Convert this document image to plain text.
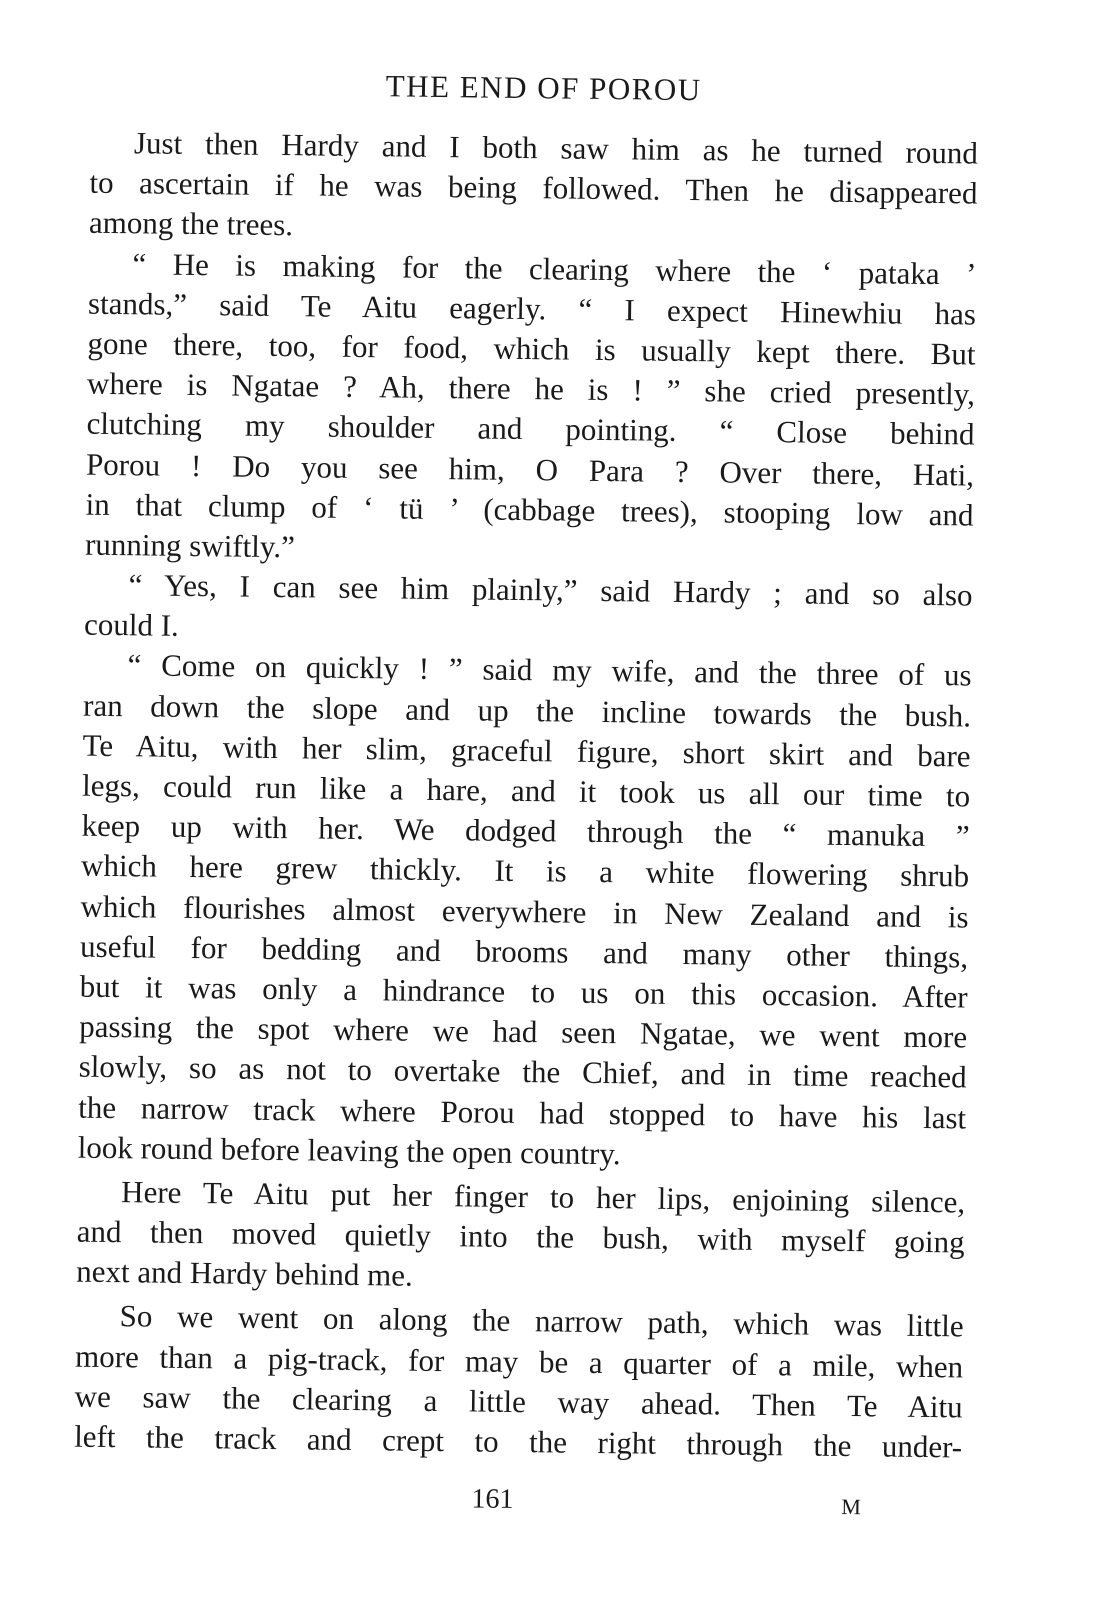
THE END OF POROU
Just then Hardy and I both saw him as he turned round
to ascertain if he was being followed. Then he disappeared
among the trees.
“ He is making for the clearing where the ‘ pataka ’
stands,” said Te Aitu eagerly. “ I expect Hinewhiu has
gone there, too, for food, which is usually kept there. But
where is Ngatae ? Ah, there he is ! ” she cried presently,
clutching my shoulder and pointing. “ Close behind
Porou ! Do you see him, O Para ? Over there, Hati,
in that clump of ‘ tü ’ (cabbage trees), stooping low and
running swiftly.”
“ Yes, I can see him plainly,” said Hardy ; and so also
could I.
“ Come on quickly ! ” said my wife, and the three of us
ran down the slope and up the incline towards the bush.
Te Aitu, with her slim, graceful figure, short skirt and bare
legs, could run like a hare, and it took us all our time to
keep up with her. We dodged through the “ manuka ”
which here grew thickly. It is a white flowering shrub
which flourishes almost everywhere in New Zealand and is
useful for bedding and brooms and many other things,
but it was only a hindrance to us on this occasion. After
passing the spot where we had seen Ngatae, we went more
slowly, so as not to overtake the Chief, and in time reached
the narrow track where Porou had stopped to have his last
look round before leaving the open country.
Here Te Aitu put her finger to her lips, enjoining silence,
and then moved quietly into the bush, with myself going
next and Hardy behind me.
So we went on along the narrow path, which was little
more than a pig-track, for may be a quarter of a mile, when
we saw the clearing a little way ahead. Then Te Aitu
left the track and crept to the right through the under-
161	M
